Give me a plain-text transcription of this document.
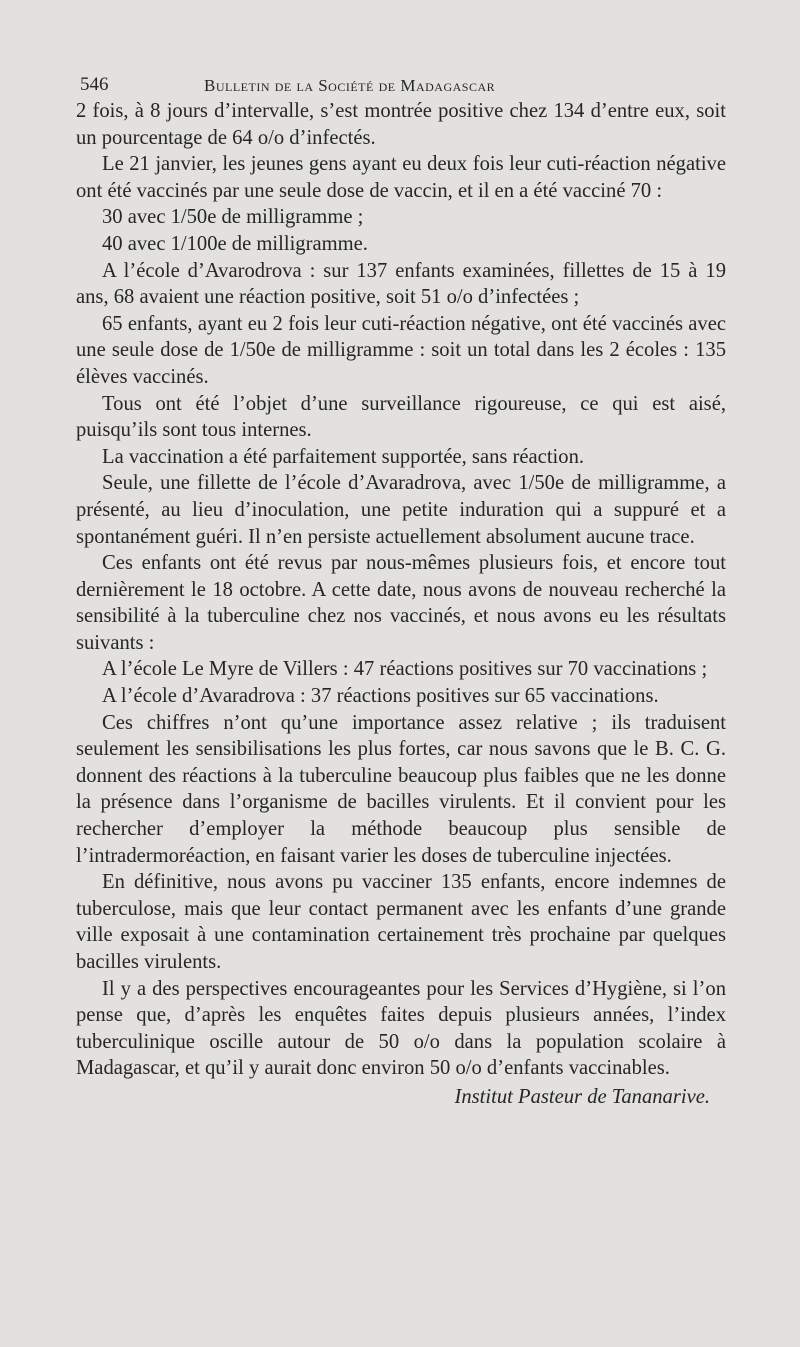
546	Bulletin de la Société de Madagascar

2 fois, à 8 jours d’intervalle, s’est montrée positive chez 134 d’entre eux, soit un pourcentage de 64 o/o d’infectés.

Le 21 janvier, les jeunes gens ayant eu deux fois leur cuti-réaction négative ont été vaccinés par une seule dose de vaccin, et il en a été vacciné 70 :

30 avec 1/50e de milligramme ;

40 avec 1/100e de milligramme.

A l’école d’Avarodrova : sur 137 enfants examinées, fillettes de 15 à 19 ans, 68 avaient une réaction positive, soit 51 o/o d’infectées ;

65 enfants, ayant eu 2 fois leur cuti-réaction négative, ont été vaccinés avec une seule dose de 1/50e de milligramme : soit un total dans les 2 écoles : 135 élèves vaccinés.

Tous ont été l’objet d’une surveillance rigoureuse, ce qui est aisé, puisqu’ils sont tous internes.

La vaccination a été parfaitement supportée, sans réaction.

Seule, une fillette de l’école d’Avaradrova, avec 1/50e de milligramme, a présenté, au lieu d’inoculation, une petite induration qui a suppuré et a spontanément guéri. Il n’en persiste actuellement absolument aucune trace.

Ces enfants ont été revus par nous-mêmes plusieurs fois, et encore tout dernièrement le 18 octobre. A cette date, nous avons de nouveau recherché la sensibilité à la tuberculine chez nos vaccinés, et nous avons eu les résultats suivants :

A l’école Le Myre de Villers : 47 réactions positives sur 70 vaccinations ;

A l’école d’Avaradrova : 37 réactions positives sur 65 vaccinations.

Ces chiffres n’ont qu’une importance assez relative ; ils traduisent seulement les sensibilisations les plus fortes, car nous savons que le B. C. G. donnent des réactions à la tuberculine beaucoup plus faibles que ne les donne la présence dans l’organisme de bacilles virulents. Et il convient pour les rechercher d’employer la méthode beaucoup plus sensible de l’intradermoréaction, en faisant varier les doses de tuberculine injectées.

En définitive, nous avons pu vacciner 135 enfants, encore indemnes de tuberculose, mais que leur contact permanent avec les enfants d’une grande ville exposait à une contamination certainement très prochaine par quelques bacilles virulents.

Il y a des perspectives encourageantes pour les Services d’Hygiène, si l’on pense que, d’après les enquêtes faites depuis plusieurs années, l’index tuberculinique oscille autour de 50 o/o dans la population scolaire à Madagascar, et qu’il y aurait donc environ 50 o/o d’enfants vaccinables.

Institut Pasteur de Tananarive.
